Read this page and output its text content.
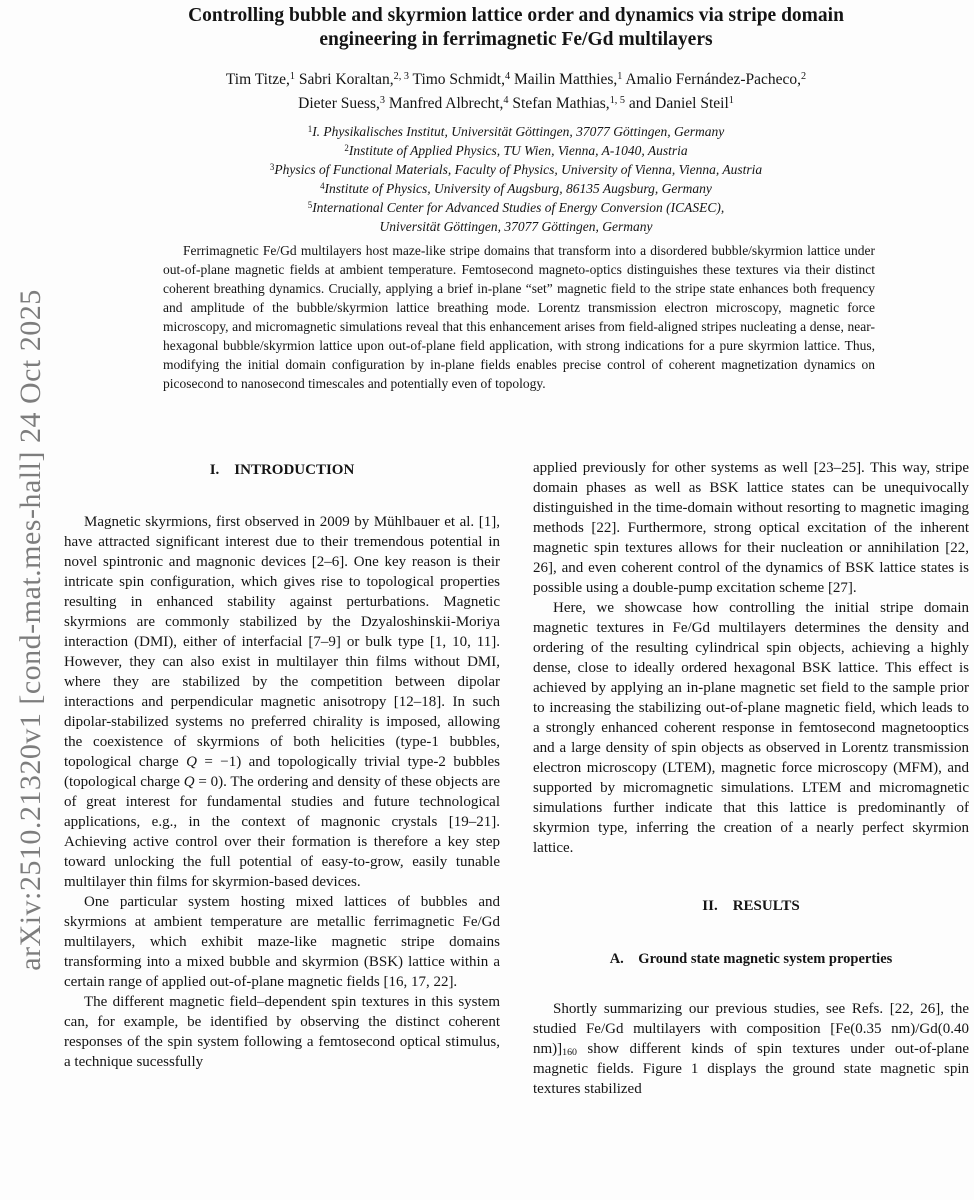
arXiv:2510.21320v1 [cond-mat.mes-hall] 24 Oct 2025
Controlling bubble and skyrmion lattice order and dynamics via stripe domain
engineering in ferrimagnetic Fe/Gd multilayers
Tim Titze,$^1$ Sabri Koraltan,$^{2, 3}$ Timo Schmidt,$^4$ Mailin Matthies,$^1$ Amalio Fernández-Pacheco,$^2$
Dieter Suess,$^3$ Manfred Albrecht,$^4$ Stefan Mathias,$^{1, 5}$ and Daniel Steil$^1$
$^1$I. Physikalisches Institut, Universität Göttingen, 37077 Göttingen, Germany
$^2$Institute of Applied Physics, TU Wien, Vienna, A-1040, Austria
$^3$Physics of Functional Materials, Faculty of Physics, University of Vienna, Vienna, Austria
$^4$Institute of Physics, University of Augsburg, 86135 Augsburg, Germany
$^5$International Center for Advanced Studies of Energy Conversion (ICASEC),
Universität Göttingen, 37077 Göttingen, Germany
Ferrimagnetic Fe/Gd multilayers host maze-like stripe domains that transform into a disordered bubble/skyrmion lattice under out-of-plane magnetic fields at ambient temperature. Femtosecond magneto-optics distinguishes these textures via their distinct coherent breathing dynamics. Crucially, applying a brief in-plane “set” magnetic field to the stripe state enhances both frequency and amplitude of the bubble/skyrmion lattice breathing mode. Lorentz transmission electron microscopy, magnetic force microscopy, and micromagnetic simulations reveal that this enhancement arises from field-aligned stripes nucleating a dense, near-hexagonal bubble/skyrmion lattice upon out-of-plane field application, with strong indications for a pure skyrmion lattice. Thus, modifying the initial domain configuration by in-plane fields enables precise control of coherent magnetization dynamics on picosecond to nanosecond timescales and potentially even of topology.
I. INTRODUCTION

Magnetic skyrmions, first observed in 2009 by Mühlbauer et al. [1], have attracted significant interest due to their tremendous potential in novel spintronic and magnonic devices [2–6]. One key reason is their intricate spin configuration, which gives rise to topological properties resulting in enhanced stability against perturbations. Magnetic skyrmions are commonly stabilized by the Dzyaloshinskii-Moriya interaction (DMI), either of interfacial [7–9] or bulk type [1, 10, 11]. However, they can also exist in multilayer thin films without DMI, where they are stabilized by the competition between dipolar interactions and perpendicular magnetic anisotropy [12–18]. In such dipolar-stabilized systems no preferred chirality is imposed, allowing the coexistence of skyrmions of both helicities (type-1 bubbles, topological charge Q = −1) and topologically trivial type-2 bubbles (topological charge Q = 0). The ordering and density of these objects are of great interest for fundamental studies and future technological applications, e.g., in the context of magnonic crystals [19–21]. Achieving active control over their formation is therefore a key step toward unlocking the full potential of easy-to-grow, easily tunable multilayer thin films for skyrmion-based devices.

One particular system hosting mixed lattices of bubbles and skyrmions at ambient temperature are metallic ferrimagnetic Fe/Gd multilayers, which exhibit maze-like magnetic stripe domains transforming into a mixed bubble and skyrmion (BSK) lattice within a certain range of applied out-of-plane magnetic fields [16, 17, 22].

The different magnetic field–dependent spin textures in this system can, for example, be identified by observing the distinct coherent responses of the spin system following a femtosecond optical stimulus, a technique sucessfully

applied previously for other systems as well [23–25]. This way, stripe domain phases as well as BSK lattice states can be unequivocally distinguished in the time-domain without resorting to magnetic imaging methods [22]. Furthermore, strong optical excitation of the inherent magnetic spin textures allows for their nucleation or annihilation [22, 26], and even coherent control of the dynamics of BSK lattice states is possible using a double-pump excitation scheme [27].

Here, we showcase how controlling the initial stripe domain magnetic textures in Fe/Gd multilayers determines the density and ordering of the resulting cylindrical spin objects, achieving a highly dense, close to ideally ordered hexagonal BSK lattice. This effect is achieved by applying an in-plane magnetic set field to the sample prior to increasing the stabilizing out-of-plane magnetic field, which leads to a strongly enhanced coherent response in femtosecond magnetooptics and a large density of spin objects as observed in Lorentz transmission electron microscopy (LTEM), magnetic force microscopy (MFM), and supported by micromagnetic simulations. LTEM and micromagnetic simulations further indicate that this lattice is predominantly of skyrmion type, inferring the creation of a nearly perfect skyrmion lattice.

II. RESULTS
A. Ground state magnetic system properties

Shortly summarizing our previous studies, see Refs. [22, 26], the studied Fe/Gd multilayers with composition [Fe(0.35 nm)/Gd(0.40 $nm)]_{160}$ show different kinds of spin textures under out-of-plane magnetic fields. Figure 1 displays the ground state magnetic spin textures stabilized
